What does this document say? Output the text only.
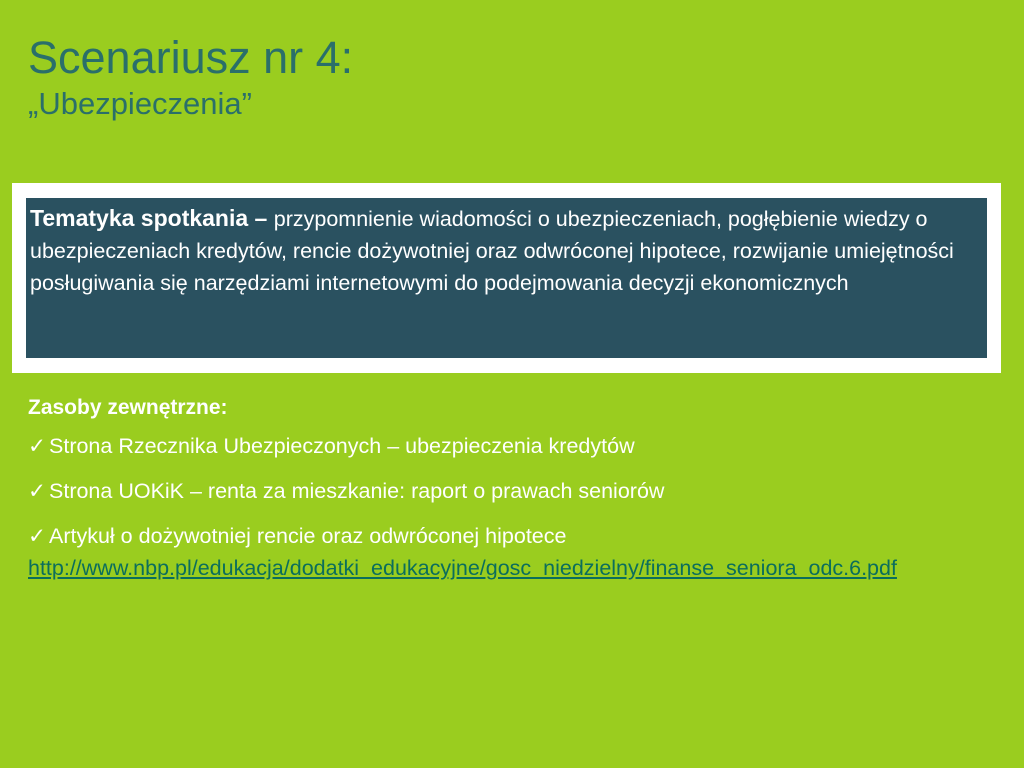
Scenariusz nr 4:
„Ubezpieczenia”
Tematyka spotkania – przypomnienie wiadomości o ubezpieczeniach, pogłębienie wiedzy o ubezpieczeniach kredytów, rencie dożywotniej oraz odwróconej hipotece, rozwijanie umiejętności posługiwania się narzędziami internetowymi do podejmowania decyzji ekonomicznych
Zasoby zewnętrzne:
✓ Strona Rzecznika Ubezpieczonych – ubezpieczenia kredytów
✓ Strona UOKiK – renta za mieszkanie: raport o prawach seniorów
✓ Artykuł o dożywotniej rencie oraz odwróconej hipotece
http://www.nbp.pl/edukacja/dodatki_edukacyjne/gosc_niedzielny/finanse_seniora_odc.6.pdf
